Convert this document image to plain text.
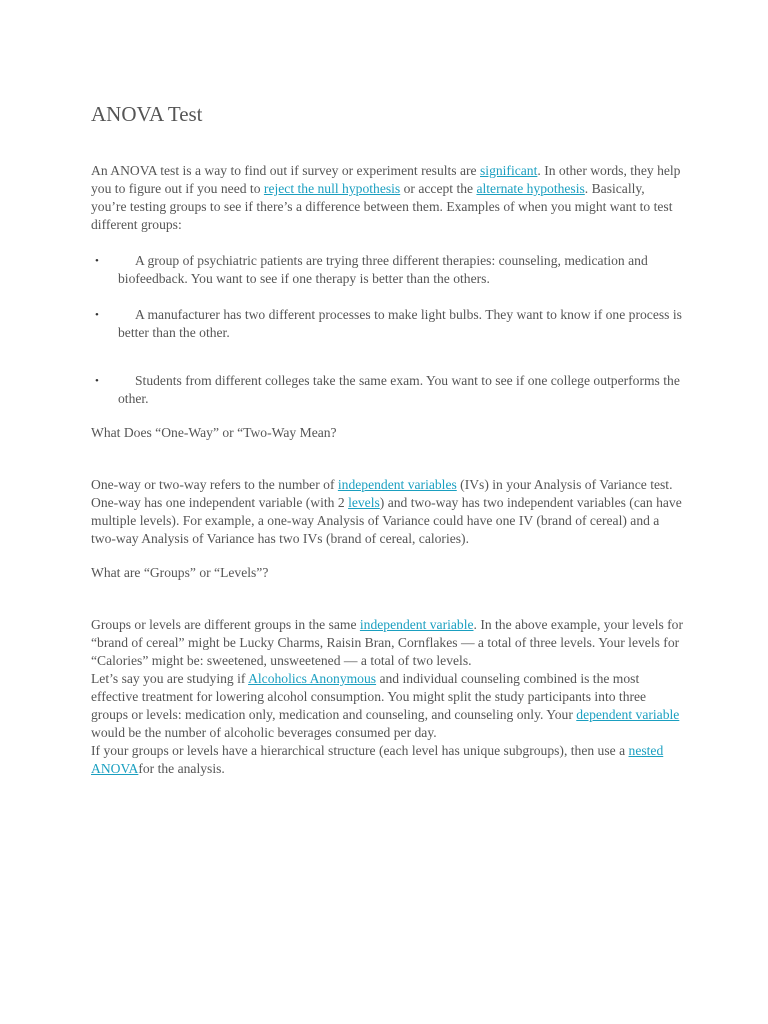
ANOVA Test

An ANOVA test is a way to find out if survey or experiment results are significant. In other words, they help you to figure out if you need to reject the null hypothesis or accept the alternate hypothesis. Basically, you’re testing groups to see if there’s a difference between them. Examples of when you might want to test different groups:

•	A group of psychiatric patients are trying three different therapies: counseling, medication and biofeedback. You want to see if one therapy is better than the others.
•	A manufacturer has two different processes to make light bulbs. They want to know if one process is better than the other.
•	Students from different colleges take the same exam. You want to see if one college outperforms the other.

What Does “One-Way” or “Two-Way Mean?

One-way or two-way refers to the number of independent variables (IVs) in your Analysis of Variance test. One-way has one independent variable (with 2 levels) and two-way has two independent variables (can have multiple levels). For example, a one-way Analysis of Variance could have one IV (brand of cereal) and a two-way Analysis of Variance has two IVs (brand of cereal, calories).

What are “Groups” or “Levels”?

Groups or levels are different groups in the same independent variable. In the above example, your levels for “brand of cereal” might be Lucky Charms, Raisin Bran, Cornflakes — a total of three levels. Your levels for “Calories” might be: sweetened, unsweetened — a total of two levels.

Let’s say you are studying if Alcoholics Anonymous and individual counseling combined is the most effective treatment for lowering alcohol consumption. You might split the study participants into three groups or levels: medication only, medication and counseling, and counseling only. Your dependent variable would be the number of alcoholic beverages consumed per day.

If your groups or levels have a hierarchical structure (each level has unique subgroups), then use a nested ANOVAfor the analysis.
